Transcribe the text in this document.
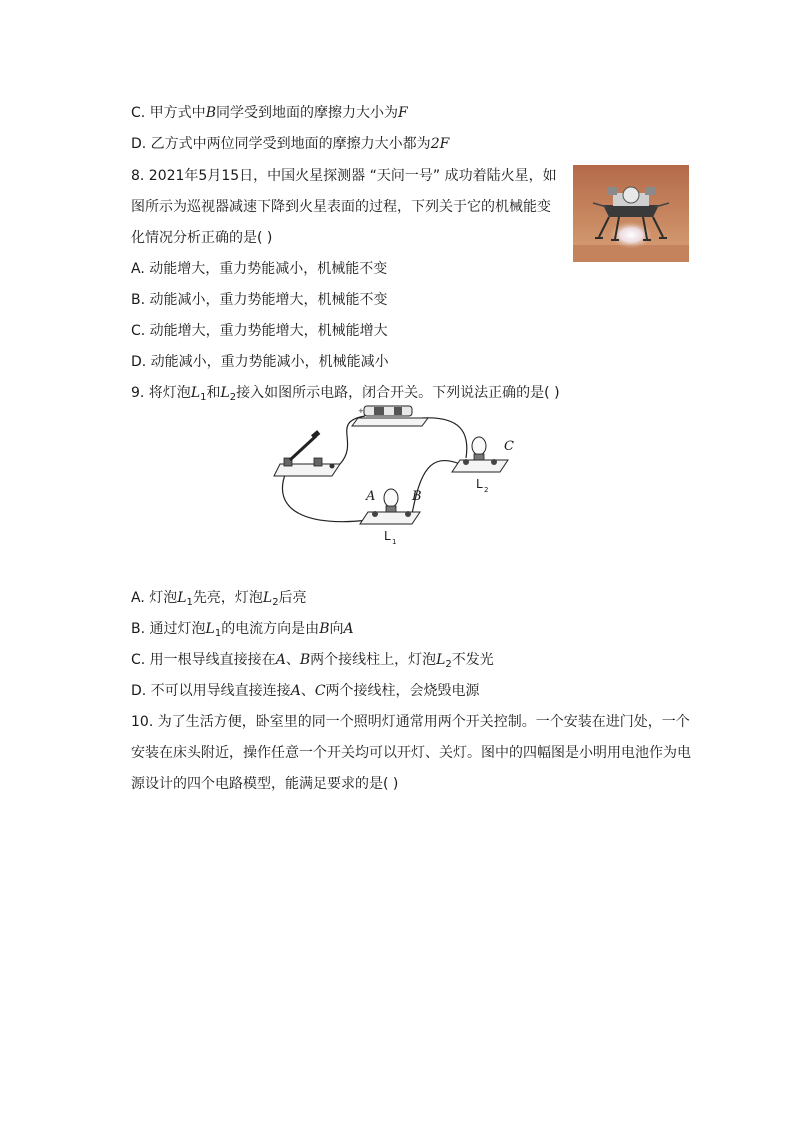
C. 甲方式中B同学受到地面的摩擦力大小为F
D. 乙方式中两位同学受到地面的摩擦力大小都为2F
8. 2021年5月15日，中国火星探测器 “天问一号” 成功着陆火星，如
图所示为巡视器减速下降到火星表面的过程，下列关于它的机械能变
化情况分析正确的是( )
A. 动能增大，重力势能减小，机械能不变
B. 动能减小，重力势能增大，机械能不变
C. 动能增大，重力势能增大，机械能增大
D. 动能减小，重力势能减小，机械能减小
9. 将灯泡$L_1$和$L_2$接入如图所示电路，闭合开关。下列说法正确的是( )
+
A	B
C
L 2
L 1
A. 灯泡$L_1$先亮，灯泡$L_2$后亮
B. 通过灯泡$L_1$的电流方向是由B向A
C. 用一根导线直接接在A、B两个接线柱上，灯泡$L_2$不发光
D. 不可以用导线直接连接A、C两个接线柱，会烧毁电源
10. 为了生活方便，卧室里的同一个照明灯通常用两个开关控制。一个安装在进门处，一个
安装在床头附近，操作任意一个开关均可以开灯、关灯。图中的四幅图是小明用电池作为电
源设计的四个电路模型，能满足要求的是( )
